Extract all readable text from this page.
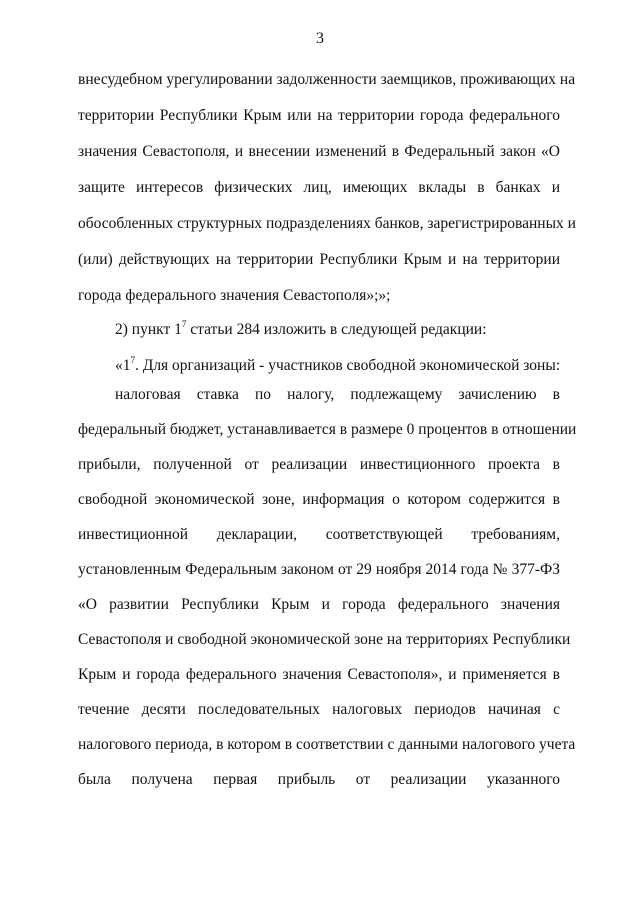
3
внесудебном урегулировании задолженности заемщиков, проживающих на
территории Республики Крым или на территории города федерального
значения Севастополя, и внесении изменений в Федеральный закон «О
защите интересов физических лиц, имеющих вклады в банках и
обособленных структурных подразделениях банков, зарегистрированных и
(или) действующих на территории Республики Крым и на территории
города федерального значения Севастополя»;»;
2) пункт $1^7$ статьи 284 изложить в следующей редакции:
«$1^7$. Для организаций - участников свободной экономической зоны:
налоговая ставка по налогу, подлежащему зачислению в
федеральный бюджет, устанавливается в размере 0 процентов в отношении
прибыли, полученной от реализации инвестиционного проекта в
свободной экономической зоне, информация о котором содержится в
инвестиционной декларации, соответствующей требованиям,
установленным Федеральным законом от 29 ноября 2014 года № 377-ФЗ
«О развитии Республики Крым и города федерального значения
Севастополя и свободной экономической зоне на территориях Республики
Крым и города федерального значения Севастополя», и применяется в
течение десяти последовательных налоговых периодов начиная с
налогового периода, в котором в соответствии с данными налогового учета
была получена первая прибыль от реализации указанного
